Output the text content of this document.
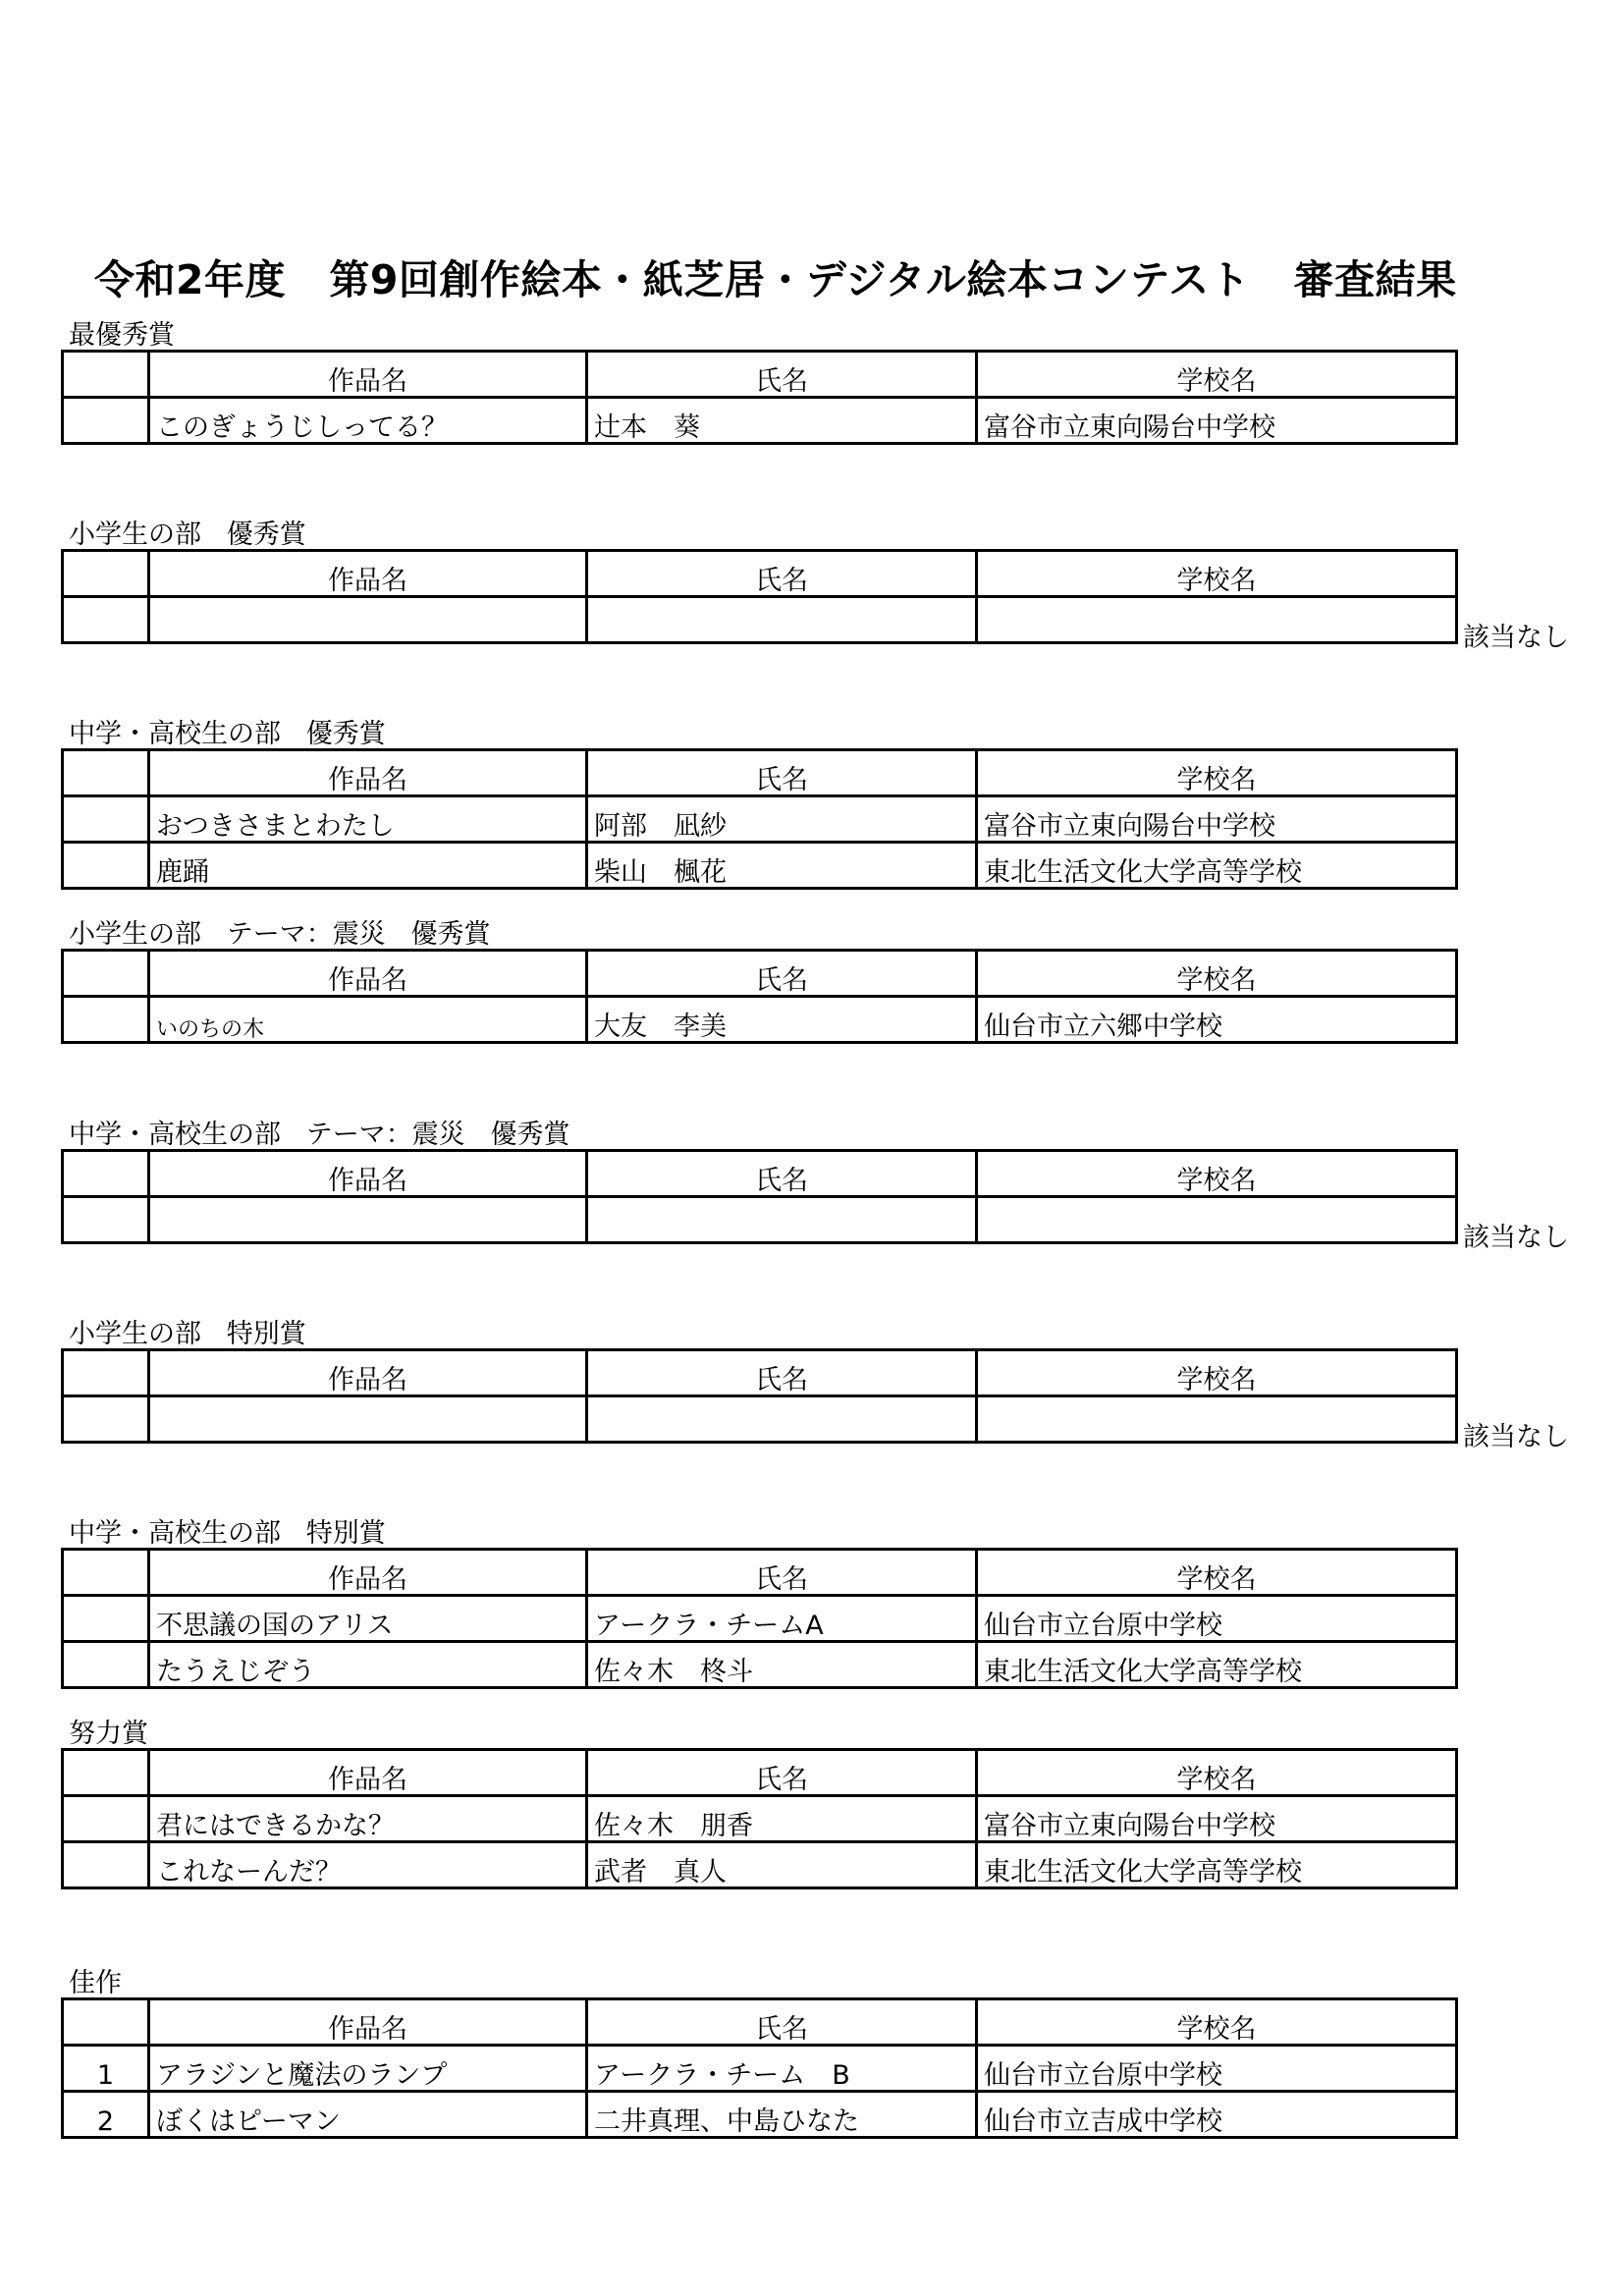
令和2年度   第9回創作絵本・紙芝居・デジタル絵本コンテスト   審査結果
最優秀賞
	作品名	氏名	学校名
	このぎょうじしってる？	辻本　葵	富谷市立東向陽台中学校
小学生の部   優秀賞
	作品名	氏名	学校名

該当なし
中学・高校生の部   優秀賞
	作品名	氏名	学校名
	おつきさまとわたし	阿部　凪紗	富谷市立東向陽台中学校
	鹿踊	柴山　楓花	東北生活文化大学高等学校
小学生の部   テーマ：震災   優秀賞
	作品名	氏名	学校名
	いのちの木	大友　李美	仙台市立六郷中学校
中学・高校生の部   テーマ：震災   優秀賞
	作品名	氏名	学校名

該当なし
小学生の部   特別賞
	作品名	氏名	学校名

該当なし
中学・高校生の部   特別賞
	作品名	氏名	学校名
	不思議の国のアリス	アークラ・チームA	仙台市立台原中学校
	たうえじぞう	佐々木　柊斗	東北生活文化大学高等学校
努力賞
	作品名	氏名	学校名
	君にはできるかな？	佐々木　朋香	富谷市立東向陽台中学校
	これなーんだ？	武者　真人	東北生活文化大学高等学校
佳作
	作品名	氏名	学校名
1	アラジンと魔法のランプ	アークラ・チーム　B	仙台市立台原中学校
2	ぼくはピーマン	二井真理、中島ひなた	仙台市立吉成中学校
